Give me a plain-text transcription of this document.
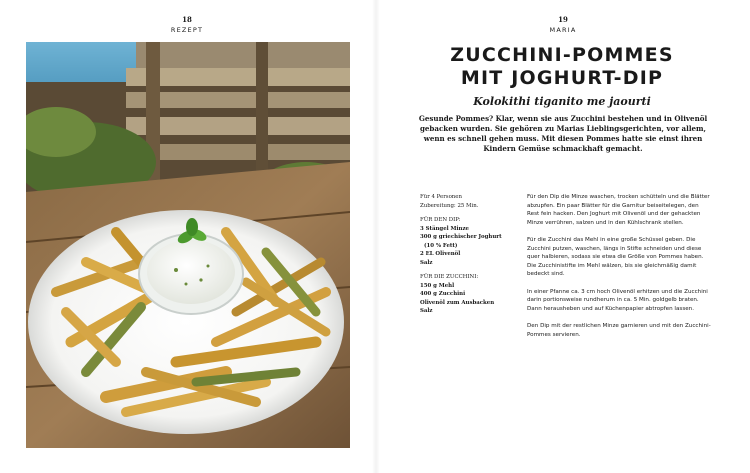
18
REZEPT
19
MARIA
ZUCCHINI-POMMES
MIT JOGHURT-DIP

Kolokithi tiganito me jaourti

Gesunde Pommes? Klar, wenn sie aus Zucchini bestehen und in Olivenöl gebacken wurden. Sie gehören zu Marias Lieblingsgerichten, vor allem, wenn es schnell gehen muss. Mit diesen Pommes hatte sie einst ihren Kindern Gemüse schmackhaft gemacht.

Für 4 Personen
Zubereitung: 25 Min.
FÜR DEN DIP:
3 Stängel Minze
300 g griechischer Joghurt
(10 % Fett)
2 EL Olivenöl
Salz
FÜR DIE ZUCCHINI:
150 g Mehl
400 g Zucchini
Olivenöl zum Ausbacken
Salz

Für den Dip die Minze waschen, trocken schütteln und die Blätter abzupfen. Ein paar Blätter für die Garnitur beiseitelegen, den Rest fein hacken. Den Joghurt mit Olivenöl und der gehackten Minze verrühren, salzen und in den Kühlschrank stellen.

Für die Zucchini das Mehl in eine große Schüssel geben. Die Zucchini putzen, waschen, längs in Stifte schneiden und diese quer halbieren, sodass sie etwa die Größe von Pommes haben. Die Zucchinistifte im Mehl wälzen, bis sie gleichmäßig damit bedeckt sind.

In einer Pfanne ca. 3 cm hoch Olivenöl erhitzen und die Zucchini darin portionsweise rundherum in ca. 5 Min. goldgelb braten. Dann herausheben und auf Küchenpapier abtropfen lassen.

Den Dip mit der restlichen Minze garnieren und mit den Zucchini-Pommes servieren.
